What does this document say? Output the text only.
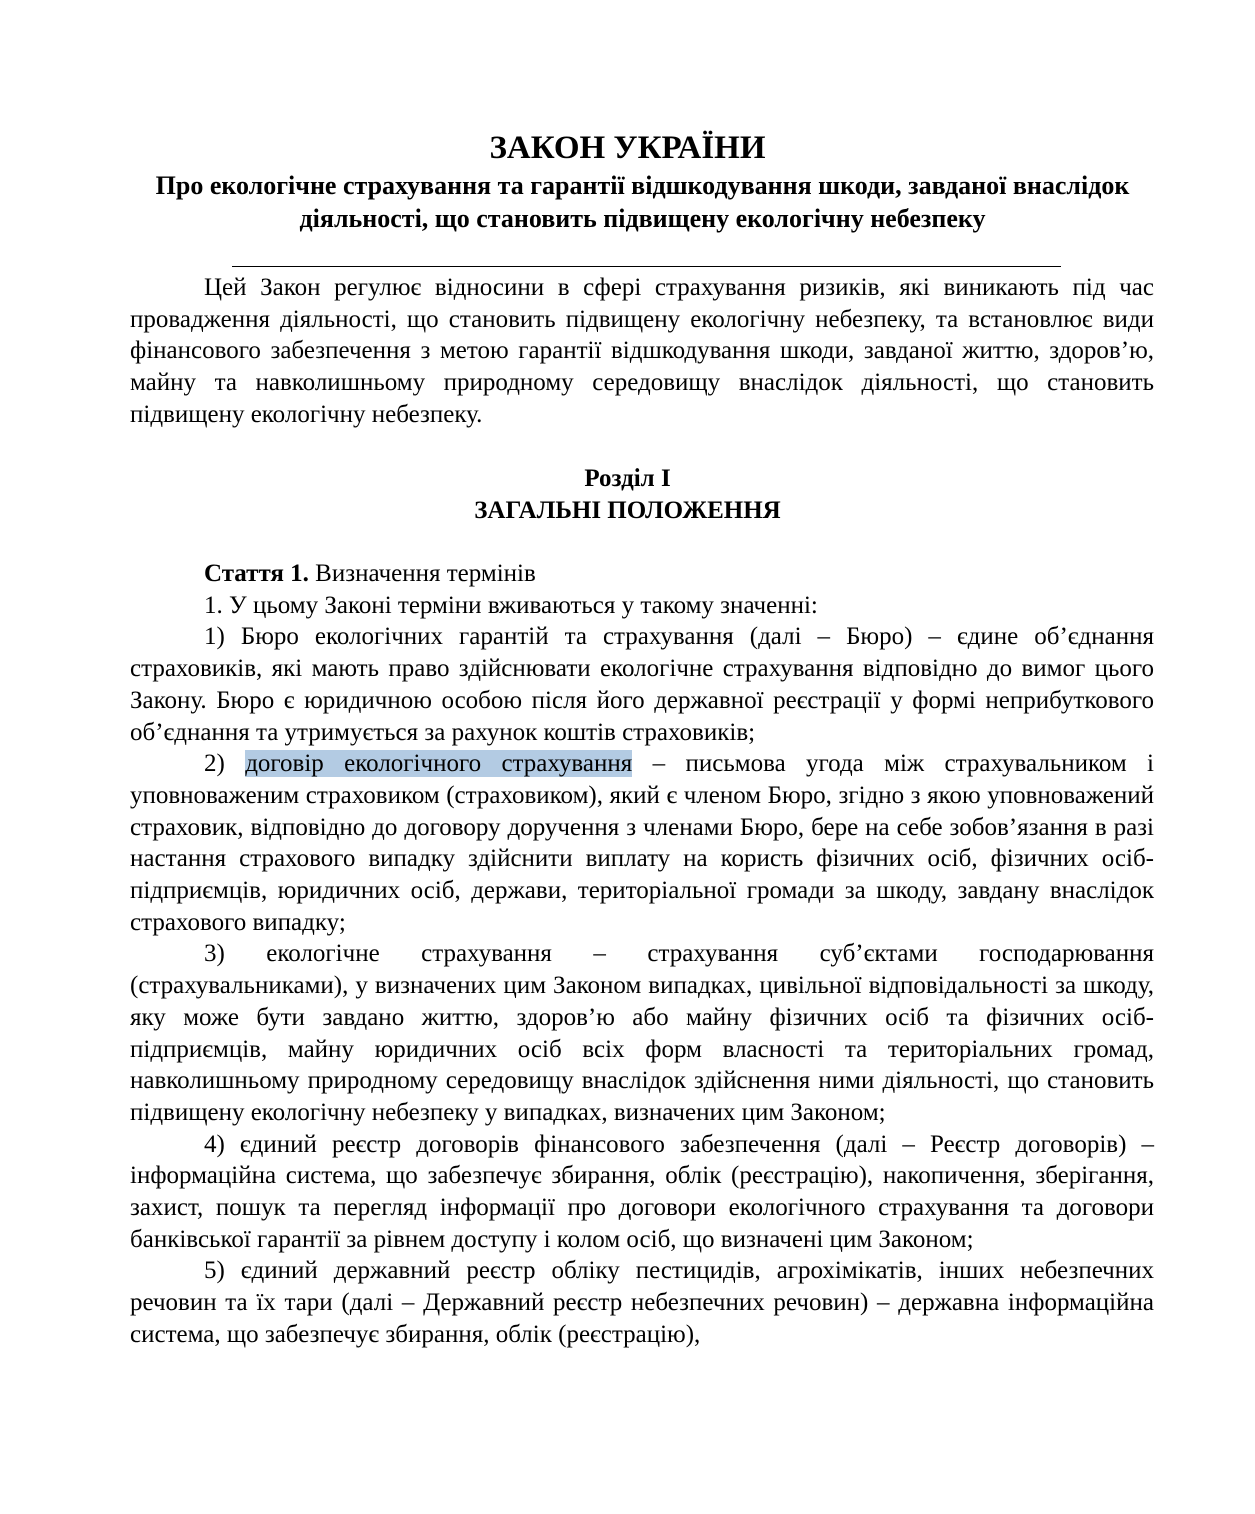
ЗАКОН УКРАЇНИ
Про екологічне страхування та гарантії відшкодування шкоди, завданої внаслідок діяльності, що становить підвищену екологічну небезпеку

Цей Закон регулює відносини в сфері страхування ризиків, які виникають під час провадження діяльності, що становить підвищену екологічну небезпеку, та встановлює види фінансового забезпечення з метою гарантії відшкодування шкоди, завданої життю, здоров’ю, майну та навколишньому природному середовищу внаслідок діяльності, що становить підвищену екологічну небезпеку.

Розділ I
ЗАГАЛЬНІ ПОЛОЖЕННЯ

Стаття 1. Визначення термінів

1. У цьому Законі терміни вживаються у такому значенні:

1) Бюро екологічних гарантій та страхування (далі – Бюро) – єдине об’єднання страховиків, які мають право здійснювати екологічне страхування відповідно до вимог цього Закону. Бюро є юридичною особою після його державної реєстрації у формі неприбуткового об’єднання та утримується за рахунок коштів страховиків;

2) договір екологічного страхування – письмова угода між страхувальником і уповноваженим страховиком (страховиком), який є членом Бюро, згідно з якою уповноважений страховик, відповідно до договору доручення з членами Бюро, бере на себе зобов’язання в разі настання страхового випадку здійснити виплату на користь фізичних осіб, фізичних осіб-підприємців, юридичних осіб, держави, територіальної громади за шкоду, завдану внаслідок страхового випадку;

3) екологічне страхування – страхування суб’єктами господарювання (страхувальниками), у визначених цим Законом випадках, цивільної відповідальності за шкоду, яку може бути завдано життю, здоров’ю або майну фізичних осіб та фізичних осіб-підприємців, майну юридичних осіб всіх форм власності та територіальних громад, навколишньому природному середовищу внаслідок здійснення ними діяльності, що становить підвищену екологічну небезпеку у випадках, визначених цим Законом;

4) єдиний реєстр договорів фінансового забезпечення (далі – Реєстр договорів) – інформаційна система, що забезпечує збирання, облік (реєстрацію), накопичення, зберігання, захист, пошук та перегляд інформації про договори екологічного страхування та договори банківської гарантії за рівнем доступу і колом осіб, що визначені цим Законом;

5) єдиний державний реєстр обліку пестицидів, агрохімікатів, інших небезпечних речовин та їх тари (далі – Державний реєстр небезпечних речовин) – державна інформаційна система, що забезпечує збирання, облік (реєстрацію),
